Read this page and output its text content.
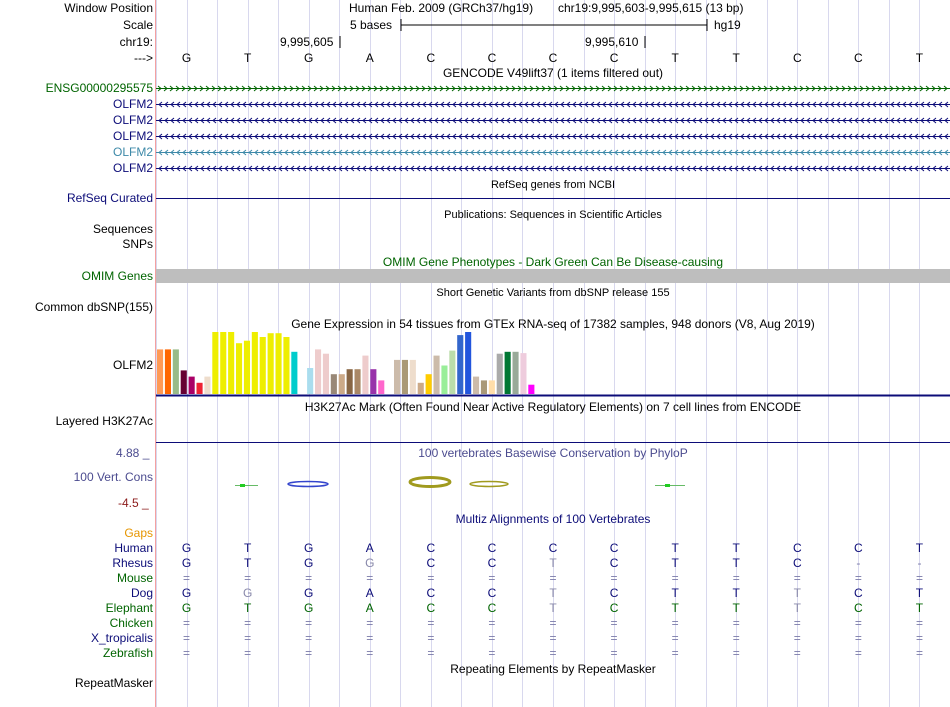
Window Position	Human Feb. 2009 (GRCh37/hg19) chr19:9,995,603-9,995,615 (13 bp)
Scale	5 bases	hg19
chr19:	9,995,605	9,995,610
---> G	T	G	A	C	C	C	C	T	T	C	C	T
GENCODE V49lift37 (1 items filtered out)
ENSG00000295575
OLFM2
OLFM2
OLFM2
OLFM2
OLFM2
RefSeq genes from NCBI
RefSeq Curated
Publications: Sequences in Scientific Articles
Sequences
SNPs
OMIM Gene Phenotypes - Dark Green Can Be Disease-causing
OMIM Genes
Short Genetic Variants from dbSNP release 155
Common dbSNP(155)
Gene Expression in 54 tissues from GTEx RNA-seq of 17382 samples, 948 donors (V8, Aug 2019)
OLFM2
H3K27Ac Mark (Often Found Near Active Regulatory Elements) on 7 cell lines from ENCODE
Layered H3K27Ac
100 vertebrates Basewise Conservation by PhyloP
4.88 _
100 Vert. Cons
-4.5 _
Multiz Alignments of 100 Vertebrates
Gaps
Human G	T	G	A	C	C	C	C	T	T	C	C	T
Rhesus G	T	G	G	C	C	T	C	T	T	C	-	-
Mouse	=	=	=	=	=	=	=	=	=	=	=	=	=
Dog G	G	G	A	C	C	T	C	T	T	T	C	T
Elephant G	T	G	A	C	C	T	C	T	T	T	C	T
Chicken	=	=	=	=	=	=	=	=	=	=	=	=	=
X_tropicalis	=	=	=	=	=	=	=	=	=	=	=	=	=
Zebrafish	=	=	=	=	=	=	=	=	=	=	=	=	=
Repeating Elements by RepeatMasker
RepeatMasker
